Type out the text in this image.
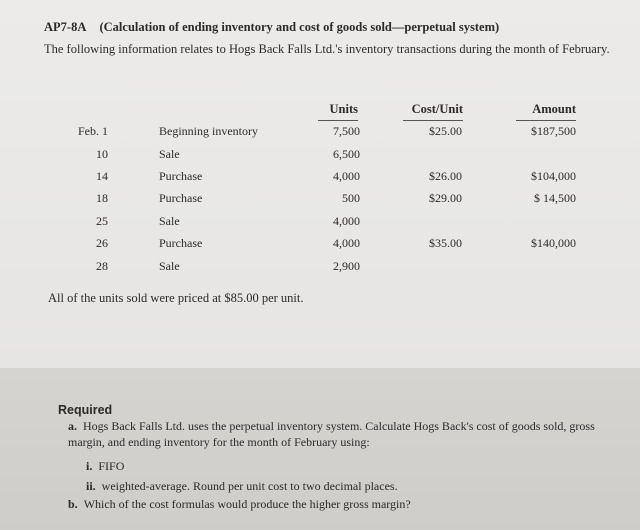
AP7-8A (Calculation of ending inventory and cost of goods sold—perpetual system)
The following information relates to Hogs Back Falls Ltd.'s inventory transactions during the month of February.
Units	Cost/Unit	Amount
Feb. 1	Beginning inventory	7,500	$25.00	$187,500
10	Sale	6,500
14	Purchase	4,000	$26.00	$104,000
18	Purchase	500	$29.00	$ 14,500
25	Sale	4,000
26	Purchase	4,000	$35.00	$140,000
28	Sale	2,900
All of the units sold were priced at $85.00 per unit.
Required
a. Hogs Back Falls Ltd. uses the perpetual inventory system. Calculate Hogs Back's cost of goods sold, gross margin, and ending inventory for the month of February using:
i. FIFO
ii. weighted-average. Round per unit cost to two decimal places.
b. Which of the cost formulas would produce the higher gross margin?
